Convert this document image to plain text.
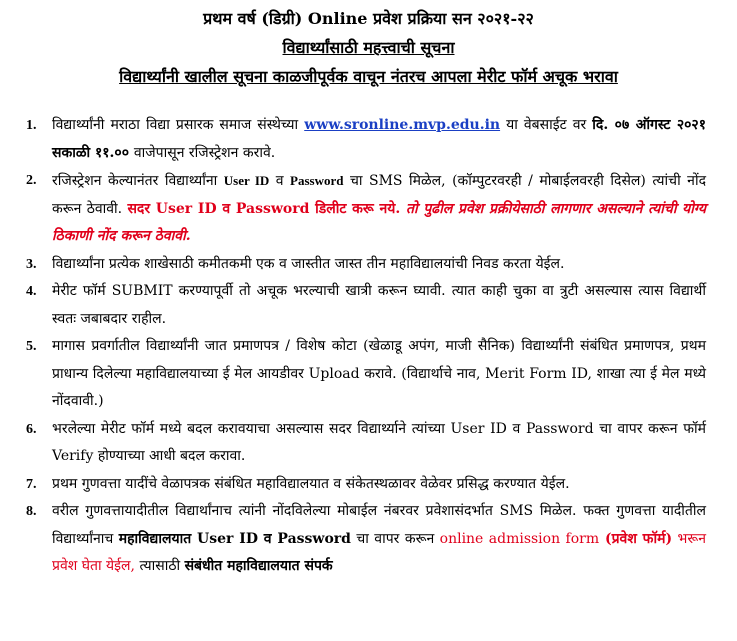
प्रथम वर्ष (डिग्री) Online प्रवेश प्रक्रिया सन २०२१-२२
विद्यार्थ्यांसाठी महत्त्वाची सूचना
विद्यार्थ्यांनी खालील सूचना काळजीपूर्वक वाचून नंतरच आपला मेरीट फॉर्म अचूक भरावा
1. विद्यार्थ्यांनी मराठा विद्या प्रसारक समाज संस्थेच्या www.sronline.mvp.edu.in या वेबसाईट वर दि. ०७ ऑगस्ट २०२१ सकाळी ११.०० वाजेपासून रजिस्ट्रेशन करावे.
2. रजिस्ट्रेशन केल्यानंतर विद्यार्थ्यांना User ID व Password चा SMS मिळेल, (कॉम्पुटरवरही / मोबाईलवरही दिसेल) त्यांची नोंद करून ठेवावी. सदर User ID व Password डिलीट करू नये. तो पुढील प्रवेश प्रक्रीयेसाठी लागणार असल्याने त्यांची योग्य ठिकाणी नोंद करून ठेवावी.
3. विद्यार्थ्यांना प्रत्येक शाखेसाठी कमीतकमी एक व जास्तीत जास्त तीन महाविद्यालयांची निवड करता येईल.
4. मेरीट फॉर्म SUBMIT करण्यापूर्वी तो अचूक भरल्याची खात्री करून घ्यावी. त्यात काही चुका वा त्रुटी असल्यास त्यास विद्यार्थी स्वतः जबाबदार राहील.
5. मागास प्रवर्गातील विद्यार्थ्यांनी जात प्रमाणपत्र / विशेष कोटा (खेळाडू अपंग, माजी सैनिक) विद्यार्थ्यांनी संबंधित प्रमाणपत्र, प्रथम प्राधान्य दिलेल्या महाविद्यालयाच्या ई मेल आयडीवर Upload करावे. (विद्यार्थाचे नाव, Merit Form ID, शाखा त्या ई मेल मध्ये नोंदवावी.)
6. भरलेल्या मेरीट फॉर्म मध्ये बदल करावयाचा असल्यास सदर विद्यार्थ्याने त्यांच्या User ID व Password चा वापर करून फॉर्म Verify होण्याच्या आधी बदल करावा.
7. प्रथम गुणवत्ता यादींचे वेळापत्रक संबंधित महाविद्यालयात व संकेतस्थळावर वेळेवर प्रसिद्ध करण्यात येईल.
8. वरील गुणवत्तायादीतील विद्यार्थांनाच त्यांनी नोंदविलेल्या मोबाईल नंबरवर प्रवेशासंदर्भात SMS मिळेल. फक्त गुणवत्ता यादीतील विद्यार्थ्यांनाच महाविद्यालयात User ID व Password चा वापर करून online admission form (प्रवेश फॉर्म) भरून प्रवेश घेता येईल, त्यासाठी संबंधीत महाविद्यालयात संपर्क
